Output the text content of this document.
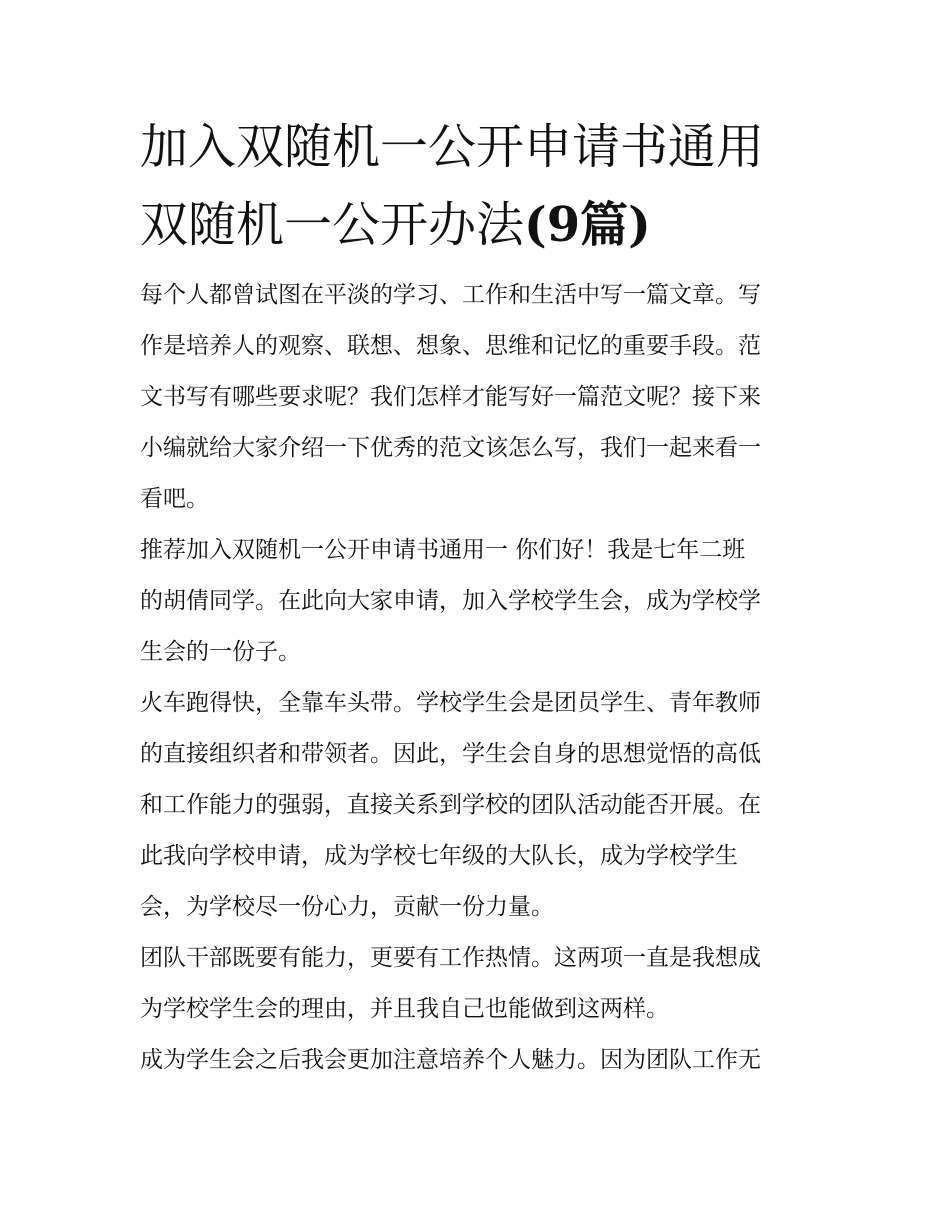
加入双随机一公开申请书通用
双随机一公开办法(9篇)

每个人都曾试图在平淡的学习、工作和生活中写一篇文章。写
作是培养人的观察、联想、想象、思维和记忆的重要手段。范
文书写有哪些要求呢？我们怎样才能写好一篇范文呢？接下来
小编就给大家介绍一下优秀的范文该怎么写，我们一起来看一
看吧。

推荐加入双随机一公开申请书通用一 你们好！我是七年二班
的胡倩同学。在此向大家申请，加入学校学生会，成为学校学
生会的一份子。

火车跑得快，全靠车头带。学校学生会是团员学生、青年教师
的直接组织者和带领者。因此，学生会自身的思想觉悟的高低
和工作能力的强弱，直接关系到学校的团队活动能否开展。在
此我向学校申请，成为学校七年级的大队长，成为学校学生
会，为学校尽一份心力，贡献一份力量。

团队干部既要有能力，更要有工作热情。这两项一直是我想成
为学校学生会的理由，并且我自己也能做到这两样。

成为学生会之后我会更加注意培养个人魅力。因为团队工作无
